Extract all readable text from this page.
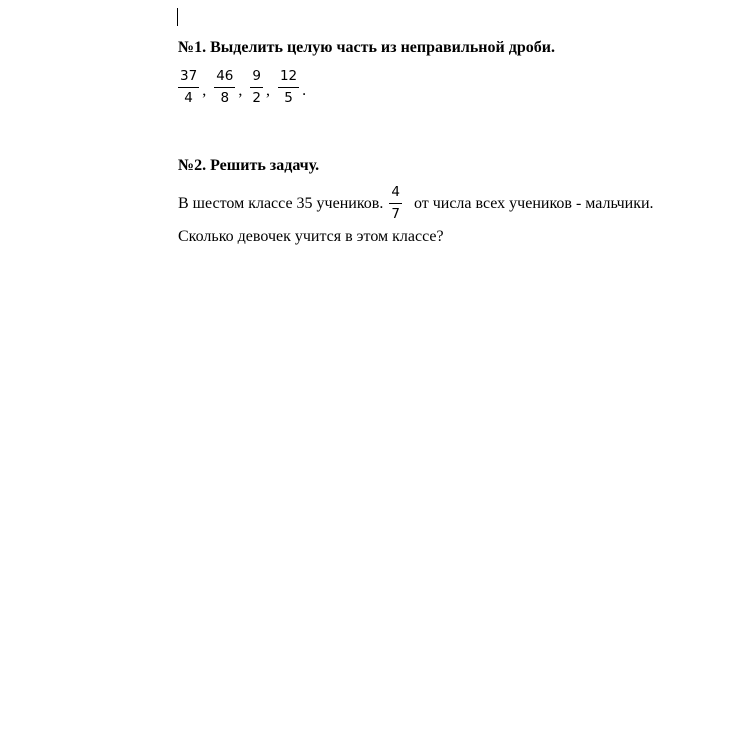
№1. Выделить целую часть из неправильной дроби.

$\frac{37}{4}$ , $\frac{46}{8}$ , $\frac{9}{2}$ , $\frac{12}{5}$ .

№2. Решить задачу.

В шестом классе 35 учеников. $\frac{4}{7}$ от числа всех учеников - мальчики.
Сколько девочек учится в этом классе?
